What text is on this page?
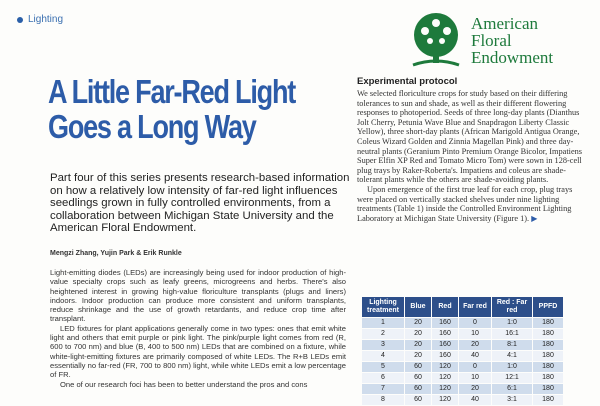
Lighting	American
Floral
Endowment
A Little Far-Red Light
Goes a Long Way
Part four of this series presents research-based information on how a relatively low intensity of far-red light influences seedlings grown in fully controlled environments, from a collaboration between Michigan State University and the American Floral Endowment.
Mengzi Zhang, Yujin Park & Erik Runkle

Light-emitting diodes (LEDs) are increasingly being used for indoor production of high-value specialty crops such as leafy greens, microgreens and herbs. There's also heightened interest in growing high-value floriculture transplants (plugs and liners) indoors. Indoor production can produce more consistent and uniform transplants, reduce shrinkage and the use of growth retardants, and reduce crop time after transplant.

LED fixtures for plant applications generally come in two types: ones that emit white light and others that emit purple or pink light. The pink/purple light comes from red (R, 600 to 700 nm) and blue (B, 400 to 500 nm) LEDs that are combined on a fixture, while white-light-emitting fixtures are primarily composed of white LEDs. The R+B LEDs emit essentially no far-red (FR, 700 to 800 nm) light, while white LEDs emit a low percentage of FR.

One of our research foci has been to better understand the pros and cons

Experimental protocol

We selected floriculture crops for study based on their differing tolerances to sun and shade, as well as their different flowering responses to photoperiod. Seeds of three long-day plants (Dianthus Jolt Cherry, Petunia Wave Blue and Snapdragon Liberty Classic Yellow), three short-day plants (African Marigold Antigua Orange, Coleus Wizard Golden and Zinnia Magellan Pink) and three day-neutral plants (Geranium Pinto Premium Orange Bicolor, Impatiens Super Elfin XP Red and Tomato Micro Tom) were sown in 128-cell plug trays by Raker-Roberta's. Impatiens and coleus are shade-tolerant plants while the others are shade-avoiding plants.

Upon emergence of the first true leaf for each crop, plug trays were placed on vertically stacked shelves under nine lighting treatments (Table 1) inside the Controlled Environment Lighting Laboratory at Michigan State University (Figure 1). ▶

Lighting treatment	Blue	Red	Far red	Red : Far red	PPFD
1	20	160	0	1:0	180
2	20	160	10	16:1	180
3	20	160	20	8:1	180
4	20	160	40	4:1	180
5	60	120	0	1:0	180
6	60	120	10	12:1	180
7	60	120	20	6:1	180
8	60	120	40	3:1	180
